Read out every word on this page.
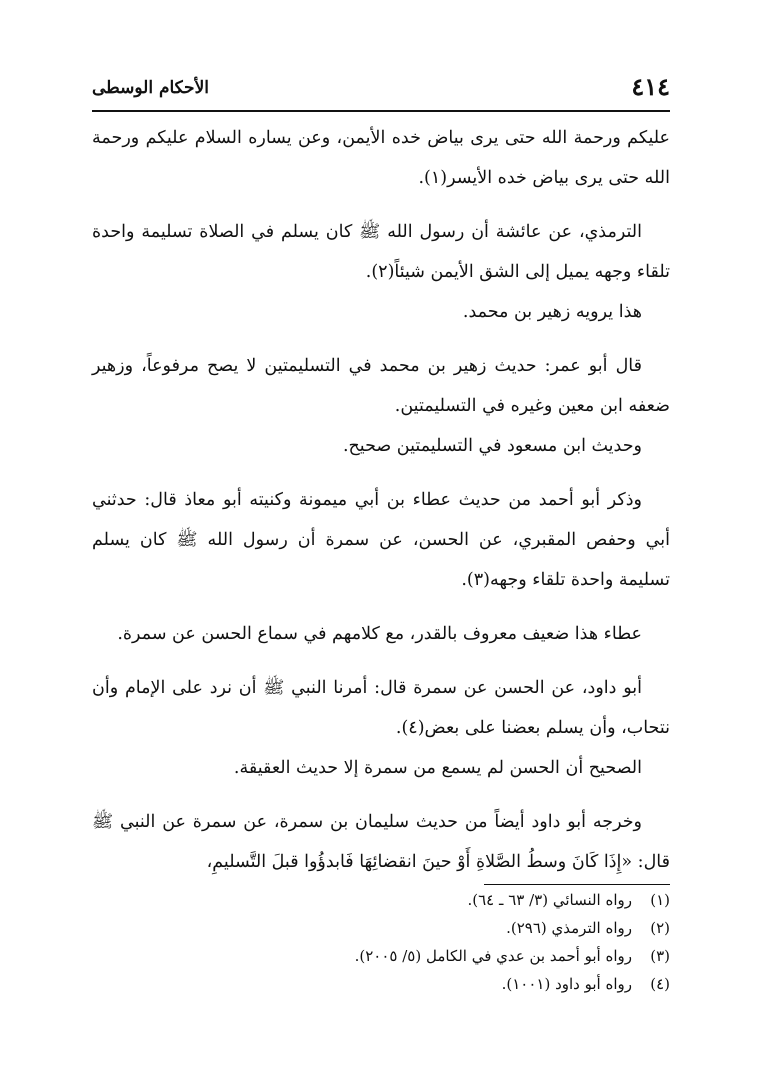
٤١٤
الأحكام الوسطى

عليكم ورحمة الله حتى يرى بياض خده الأيمن، وعن يساره السلام عليكم ورحمة الله حتى يرى بياض خده الأيسر(١).

الترمذي، عن عائشة أن رسول الله ﷺ كان يسلم في الصلاة تسليمة واحدة تلقاء وجهه يميل إلى الشق الأيمن شيئاً(٢).

هذا يرويه زهير بن محمد.

قال أبو عمر: حديث زهير بن محمد في التسليمتين لا يصح مرفوعاً، وزهير ضعفه ابن معين وغيره في التسليمتين.

وحديث ابن مسعود في التسليمتين صحيح.

وذكر أبو أحمد من حديث عطاء بن أبي ميمونة وكنيته أبو معاذ قال: حدثني أبي وحفص المقبري، عن الحسن، عن سمرة أن رسول الله ﷺ كان يسلم تسليمة واحدة تلقاء وجهه(٣).

عطاء هذا ضعيف معروف بالقدر، مع كلامهم في سماع الحسن عن سمرة.

أبو داود، عن الحسن عن سمرة قال: أمرنا النبي ﷺ أن نرد على الإمام وأن نتحاب، وأن يسلم بعضنا على بعض(٤).

الصحيح أن الحسن لم يسمع من سمرة إلا حديث العقيقة.

وخرجه أبو داود أيضاً من حديث سليمان بن سمرة، عن سمرة عن النبي ﷺ قال: «إِذَا كَانَ وسطُ الصَّلاةِ أَوْ حينَ انقضائِهَا فَابدؤُوا قبلَ التَّسليمِ،

(١)رواه النسائي (٣/ ٦٣ ـ ٦٤).

(٢)رواه الترمذي (٢٩٦).

(٣)رواه أبو أحمد بن عدي في الكامل (٥/ ٢٠٠٥).

(٤)رواه أبو داود (١٠٠١).
